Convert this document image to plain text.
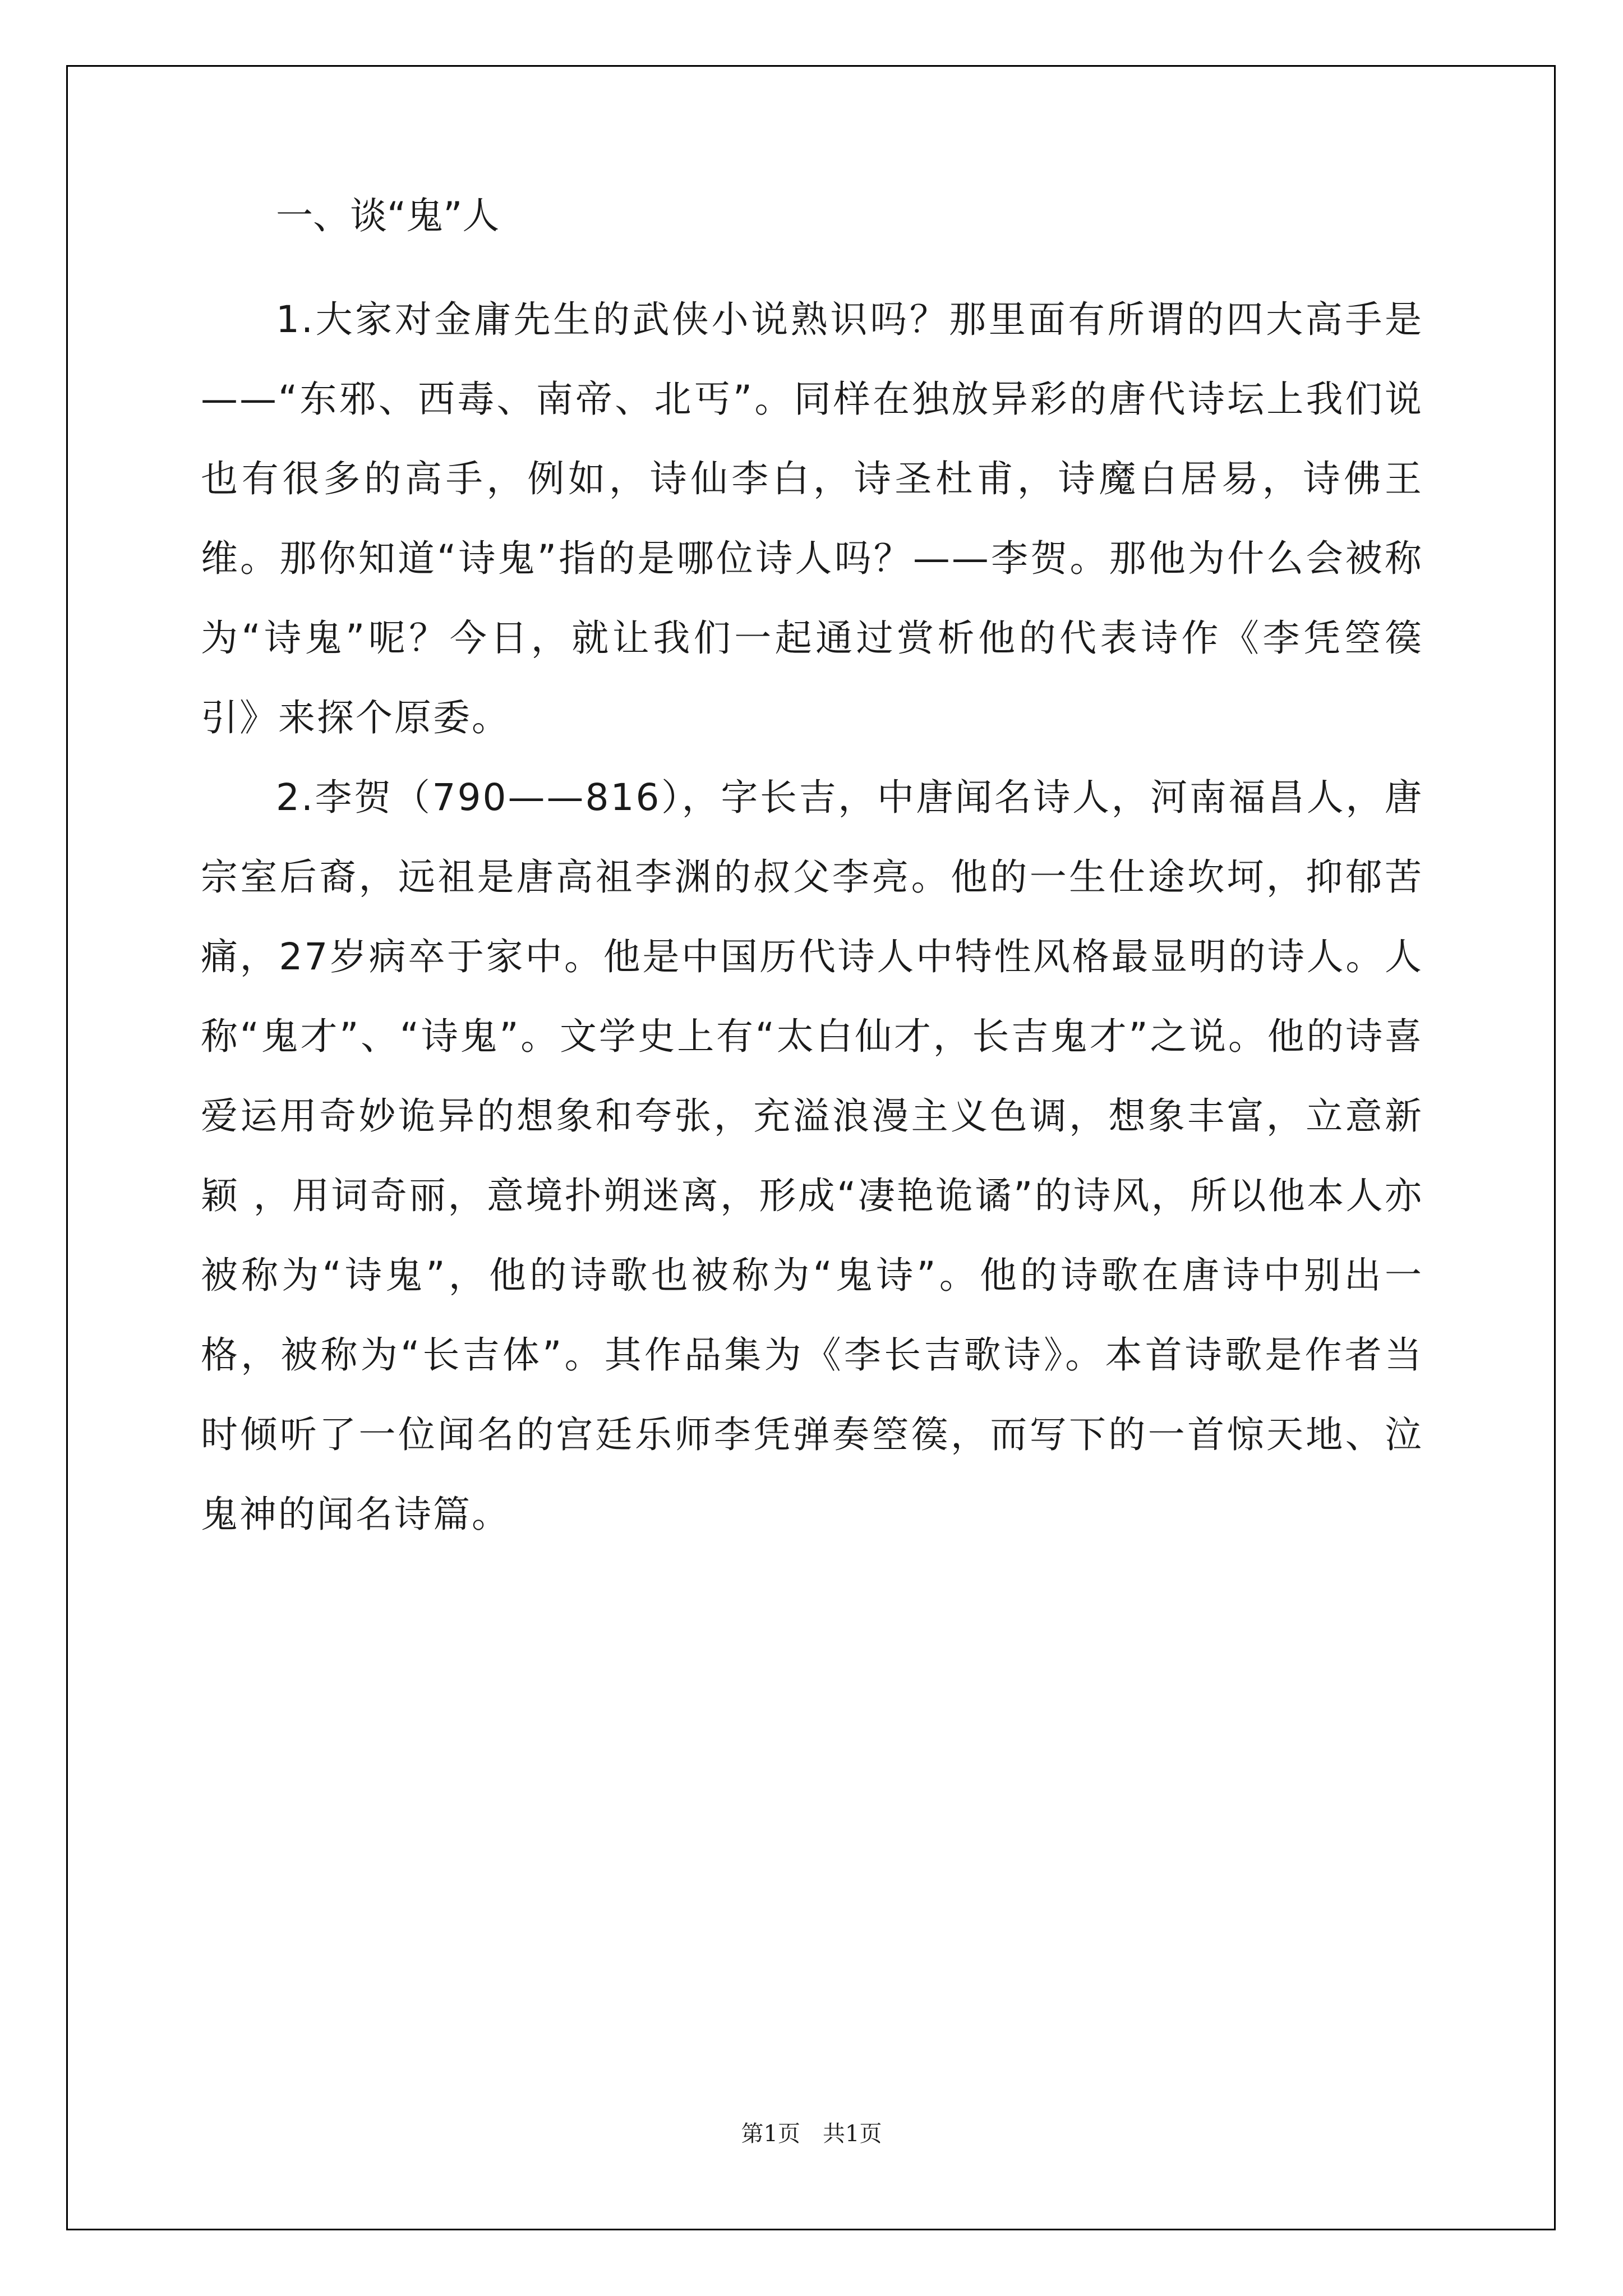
一、谈“鬼”人

1.大家对金庸先生的武侠小说熟识吗？那里面有所谓的四大高手是——“东邪、西毒、南帝、北丐”。同样在独放异彩的唐代诗坛上我们说也有很多的高手，例如，诗仙李白，诗圣杜甫，诗魔白居易，诗佛王维。那你知道“诗鬼”指的是哪位诗人吗？——李贺。那他为什么会被称为“诗鬼”呢？今日，就让我们一起通过赏析他的代表诗作《李凭箜篌引》来探个原委。

2.李贺（790——816），字长吉，中唐闻名诗人，河南福昌人，唐宗室后裔，远祖是唐高祖李渊的叔父李亮。他的一生仕途坎坷，抑郁苦痛，27岁病卒于家中。他是中国历代诗人中特性风格最显明的诗人。人称“鬼才”、“诗鬼”。文学史上有“太白仙才，长吉鬼才”之说。他的诗喜爱运用奇妙诡异的想象和夸张，充溢浪漫主义色调，想象丰富，立意新颖 ，用词奇丽，意境扑朔迷离，形成“凄艳诡谲”的诗风，所以他本人亦被称为“诗鬼”，他的诗歌也被称为“鬼诗”。他的诗歌在唐诗中别出一格，被称为“长吉体”。其作品集为《李长吉歌诗》。本首诗歌是作者当时倾听了一位闻名的宫廷乐师李凭弹奏箜篌，而写下的一首惊天地、泣鬼神的闻名诗篇。

第1页　共1页
